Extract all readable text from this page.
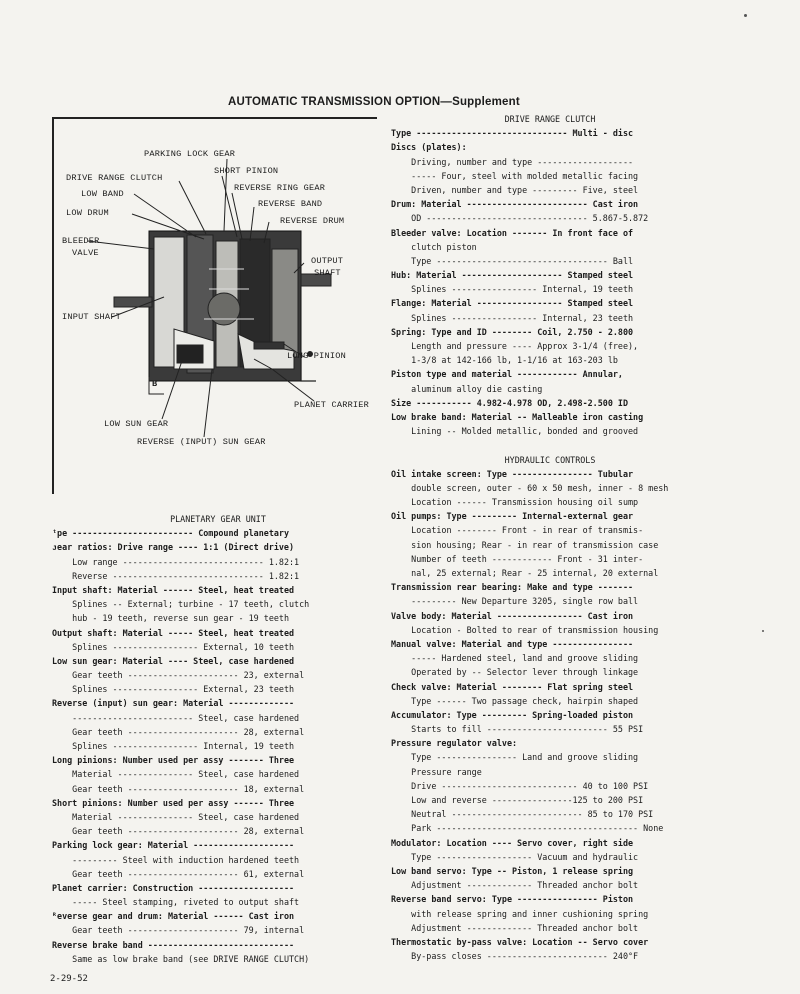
AUTOMATIC TRANSMISSION OPTION—Supplement
PARKING LOCK GEAR
DRIVE RANGE CLUTCH
SHORT PINION
LOW BAND
REVERSE RING GEAR
REVERSE BAND
LOW DRUM
REVERSE DRUM
BLEEDER
VALVE
OUTPUT
SHAFT
INPUT SHAFT
LONG PINION
PLANET CARRIER
LOW SUN GEAR
REVERSE (INPUT) SUN GEAR
B
PLANETARY GEAR UNIT
ᵗpe ------------------------ Compound planetary
ᴊear ratios: Drive range ---- 1:1 (Direct drive)
Low range ---------------------------- 1.82:1
Reverse ------------------------------ 1.82:1
Input shaft: Material ------ Steel, heat treated
Splines -- External; turbine - 17 teeth, clutch
hub - 19 teeth, reverse sun gear - 19 teeth
Output shaft: Material ----- Steel, heat treated
Splines ----------------- External, 10 teeth
Low sun gear: Material ---- Steel, case hardened
Gear teeth ---------------------- 23, external
Splines ----------------- External, 23 teeth
Reverse (input) sun gear: Material -------------
------------------------ Steel, case hardened
Gear teeth ---------------------- 28, external
Splines ----------------- Internal, 19 teeth
Long pinions: Number used per assy ------- Three
Material --------------- Steel, case hardened
Gear teeth ---------------------- 18, external
Short pinions: Number used per assy ------ Three
Material --------------- Steel, case hardened
Gear teeth ---------------------- 28, external
Parking lock gear: Material --------------------
--------- Steel with induction hardened teeth
Gear teeth ---------------------- 61, external
Planet carrier: Construction -------------------
----- Steel stamping, riveted to output shaft
ᴿeverse gear and drum: Material ------ Cast iron
Gear teeth ---------------------- 79, internal
Reverse brake band -----------------------------
Same as low brake band (see DRIVE RANGE CLUTCH)
DRIVE RANGE CLUTCH
Type ------------------------------ Multi - disc
Discs (plates):
Driving, number and type -------------------
----- Four, steel with molded metallic facing
Driven, number and type --------- Five, steel
Drum: Material ------------------------ Cast iron
OD -------------------------------- 5.867-5.872
Bleeder valve: Location ------- In front face of
clutch piston
Type ---------------------------------- Ball
Hub: Material -------------------- Stamped steel
Splines ----------------- Internal, 19 teeth
Flange: Material ----------------- Stamped steel
Splines ----------------- Internal, 23 teeth
Spring: Type and ID -------- Coil, 2.750 - 2.800
Length and pressure ---- Approx 3-1/4 (free),
1-3/8 at 142-166 lb, 1-1/16 at 163-203 lb
Piston type and material ------------ Annular,
aluminum alloy die casting
Size ----------- 4.982-4.978 OD, 2.498-2.500 ID
Low brake band: Material -- Malleable iron casting
Lining -- Molded metallic, bonded and grooved
HYDRAULIC CONTROLS
Oil intake screen: Type ---------------- Tubular
double screen, outer - 60 x 50 mesh, inner - 8 mesh
Location ------ Transmission housing oil sump
Oil pumps: Type --------- Internal-external gear
Location -------- Front - in rear of transmis-
sion housing; Rear - in rear of transmission case
Number of teeth ------------ Front - 31 inter-
nal, 25 external; Rear - 25 internal, 20 external
Transmission rear bearing: Make and type -------
--------- New Departure 3205, single row ball
Valve body: Material ----------------- Cast iron
Location - Bolted to rear of transmission housing
Manual valve: Material and type ----------------
----- Hardened steel, land and groove sliding
Operated by -- Selector lever through linkage
Check valve: Material -------- Flat spring steel
Type ------ Two passage check, hairpin shaped
Accumulator: Type --------- Spring-loaded piston
Starts to fill ------------------------ 55 PSI
Pressure regulator valve:
Type ---------------- Land and groove sliding
Pressure range
Drive --------------------------- 40 to 100 PSI
Low and reverse ----------------125 to 200 PSI
Neutral -------------------------- 85 to 170 PSI
Park ---------------------------------------- None
Modulator: Location ---- Servo cover, right side
Type ------------------- Vacuum and hydraulic
Low band servo: Type -- Piston, 1 release spring
Adjustment ------------- Threaded anchor bolt
Reverse band servo: Type ---------------- Piston
with release spring and inner cushioning spring
Adjustment ------------- Threaded anchor bolt
Thermostatic by-pass valve: Location -- Servo cover
By-pass closes ------------------------ 240°F
2-29-52
